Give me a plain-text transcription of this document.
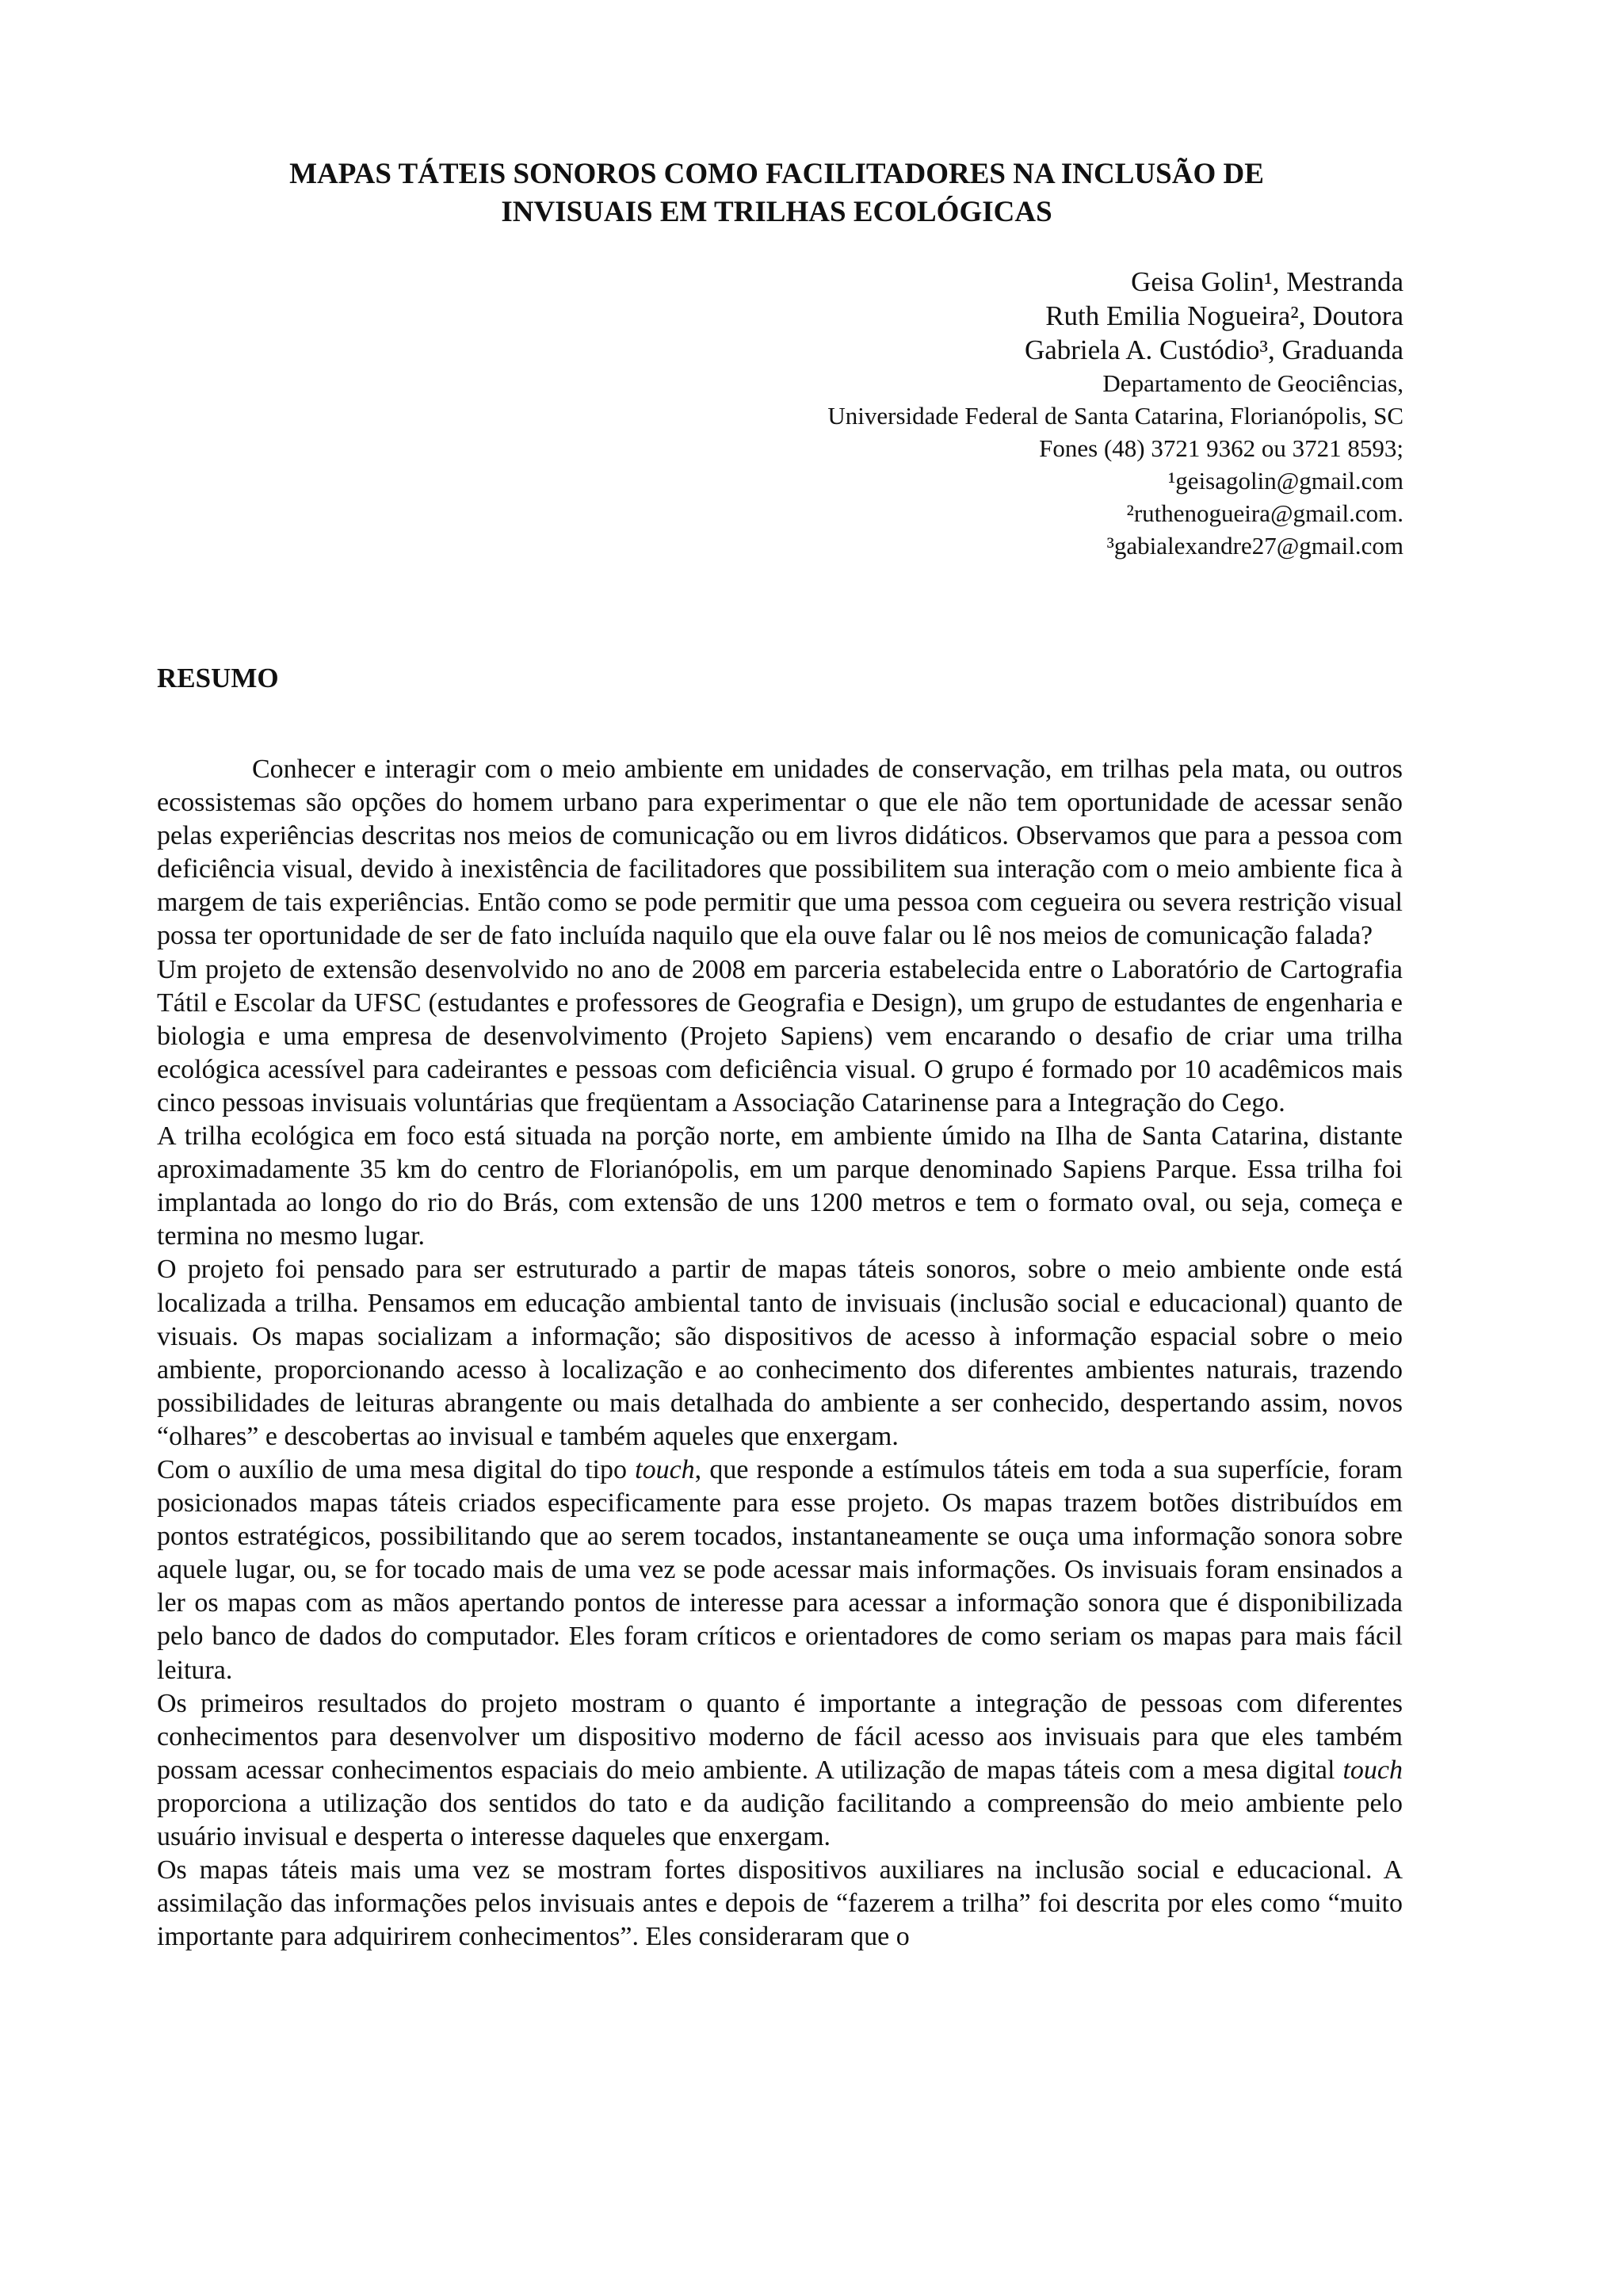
MAPAS TÁTEIS SONOROS COMO FACILITADORES NA INCLUSÃO DE
INVISUAIS EM TRILHAS ECOLÓGICAS
Geisa Golin¹, Mestranda
Ruth Emilia Nogueira², Doutora
Gabriela A. Custódio³, Graduanda
Departamento de Geociências,
Universidade Federal de Santa Catarina, Florianópolis, SC
Fones (48) 3721 9362 ou 3721 8593;
¹geisagolin@gmail.com
²ruthenogueira@gmail.com.
³gabialexandre27@gmail.com
RESUMO

Conhecer e interagir com o meio ambiente em unidades de conservação, em trilhas pela mata, ou outros ecossistemas são opções do homem urbano para experimentar o que ele não tem oportunidade de acessar senão pelas experiências descritas nos meios de comunicação ou em livros didáticos. Observamos que para a pessoa com deficiência visual, devido à inexistência de facilitadores que possibilitem sua interação com o meio ambiente fica à margem de tais experiências. Então como se pode permitir que uma pessoa com cegueira ou severa restrição visual possa ter oportunidade de ser de fato incluída naquilo que ela ouve falar ou lê nos meios de comunicação falada?

Um projeto de extensão desenvolvido no ano de 2008 em parceria estabelecida entre o Laboratório de Cartografia Tátil e Escolar da UFSC (estudantes e professores de Geografia e Design), um grupo de estudantes de engenharia e biologia e uma empresa de desenvolvimento (Projeto Sapiens) vem encarando o desafio de criar uma trilha ecológica acessível para cadeirantes e pessoas com deficiência visual. O grupo é formado por 10 acadêmicos mais cinco pessoas invisuais voluntárias que freqüentam a Associação Catarinense para a Integração do Cego.

A trilha ecológica em foco está situada na porção norte, em ambiente úmido na Ilha de Santa Catarina, distante aproximadamente 35 km do centro de Florianópolis, em um parque denominado Sapiens Parque. Essa trilha foi implantada ao longo do rio do Brás, com extensão de uns 1200 metros e tem o formato oval, ou seja, começa e termina no mesmo lugar.

O projeto foi pensado para ser estruturado a partir de mapas táteis sonoros, sobre o meio ambiente onde está localizada a trilha. Pensamos em educação ambiental tanto de invisuais (inclusão social e educacional) quanto de visuais. Os mapas socializam a informação; são dispositivos de acesso à informação espacial sobre o meio ambiente, proporcionando acesso à localização e ao conhecimento dos diferentes ambientes naturais, trazendo possibilidades de leituras abrangente ou mais detalhada do ambiente a ser conhecido, despertando assim, novos “olhares” e descobertas ao invisual e também aqueles que enxergam.

Com o auxílio de uma mesa digital do tipo touch, que responde a estímulos táteis em toda a sua superfície, foram posicionados mapas táteis criados especificamente para esse projeto. Os mapas trazem botões distribuídos em pontos estratégicos, possibilitando que ao serem tocados, instantaneamente se ouça uma informação sonora sobre aquele lugar, ou, se for tocado mais de uma vez se pode acessar mais informações. Os invisuais foram ensinados a ler os mapas com as mãos apertando pontos de interesse para acessar a informação sonora que é disponibilizada pelo banco de dados do computador. Eles foram críticos e orientadores de como seriam os mapas para mais fácil leitura.

Os primeiros resultados do projeto mostram o quanto é importante a integração de pessoas com diferentes conhecimentos para desenvolver um dispositivo moderno de fácil acesso aos invisuais para que eles também possam acessar conhecimentos espaciais do meio ambiente. A utilização de mapas táteis com a mesa digital touch proporciona a utilização dos sentidos do tato e da audição facilitando a compreensão do meio ambiente pelo usuário invisual e desperta o interesse daqueles que enxergam.

Os mapas táteis mais uma vez se mostram fortes dispositivos auxiliares na inclusão social e educacional. A assimilação das informações pelos invisuais antes e depois de “fazerem a trilha” foi descrita por eles como “muito importante para adquirirem conhecimentos”. Eles consideraram que o
